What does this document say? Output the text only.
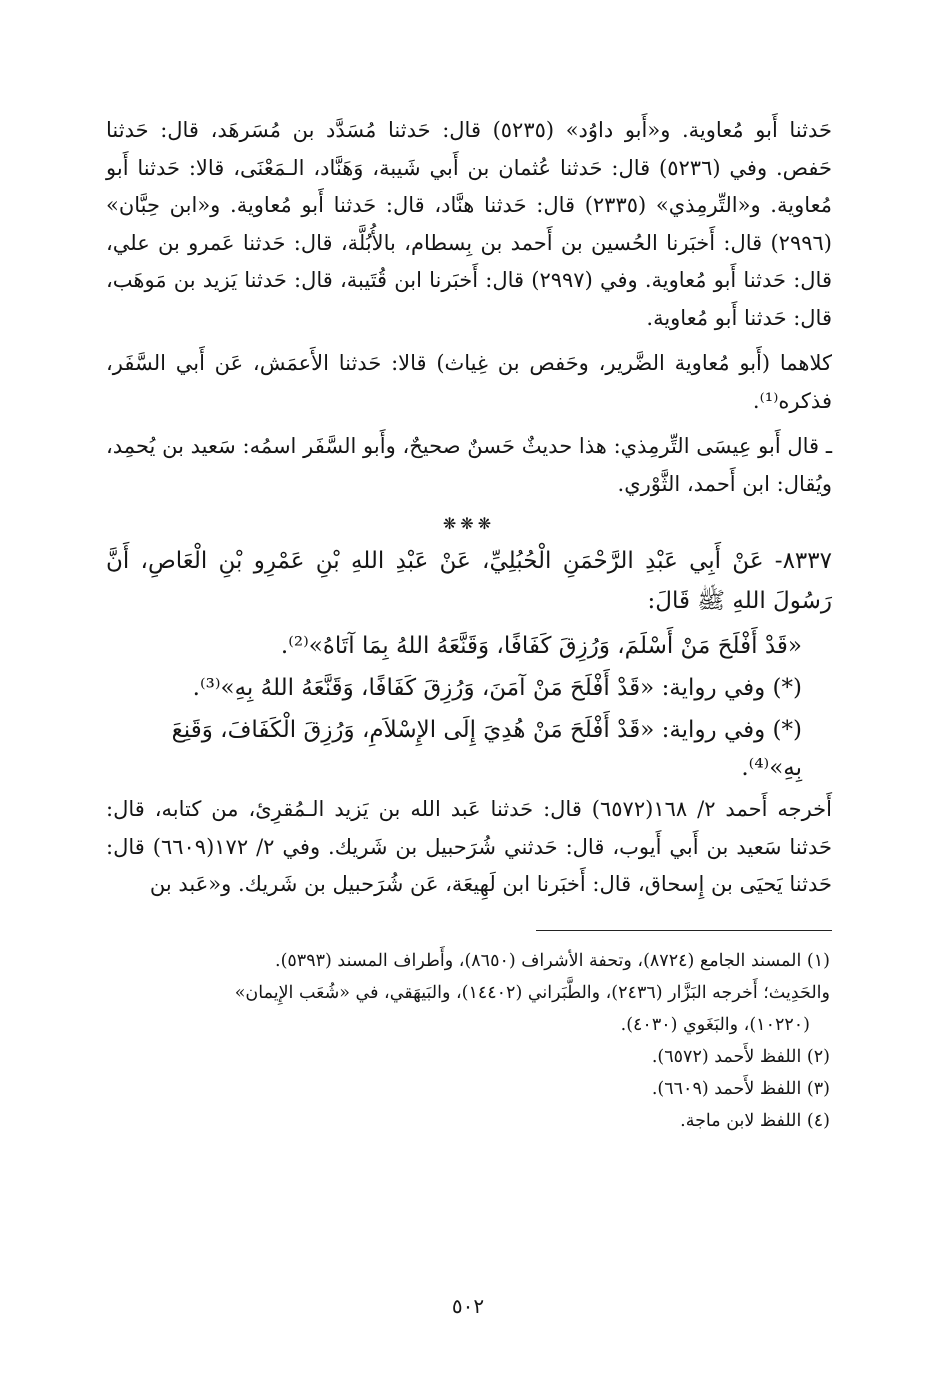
حَدثنا أَبو مُعاوية. و«أَبو داوُد» (٥٢٣٥) قال: حَدثنا مُسَدَّد بن مُسَرهَد، قال: حَدثنا حَفص. وفي (٥٢٣٦) قال: حَدثنا عُثمان بن أَبي شَيبة، وَهَنَّاد، الـمَعْنَى، قالا: حَدثنا أَبو مُعاوية. و«التِّرمِذي» (٢٣٣٥) قال: حَدثنا هنَّاد، قال: حَدثنا أَبو مُعاوية. و«ابن حِبَّان» (٢٩٩٦) قال: أَخبَرنا الحُسين بن أَحمد بن بِسطام، بالأُبُلَّة، قال: حَدثنا عَمرو بن علي، قال: حَدثنا أَبو مُعاوية. وفي (٢٩٩٧) قال: أَخبَرنا ابن قُتَيبة، قال: حَدثنا يَزيد بن مَوهَب، قال: حَدثنا أَبو مُعاوية.

كلاهما (أَبو مُعاوية الضَّرير، وحَفص بن غِياث) قالا: حَدثنا الأَعمَش، عَن أَبي السَّفَر، فذكره⁽¹⁾.

ـ قال أَبو عِيسَى التِّرمِذي: هذا حديثٌ حَسنٌ صحيحٌ، وأَبو السَّفَر اسمُه: سَعيد بن يُحمِد، ويُقال: ابن أَحمد، الثَّوْري.

❋❋❋

٨٣٣٧- عَنْ أَبِي عَبْدِ الرَّحْمَنِ الْحُبُلِيِّ، عَنْ عَبْدِ اللهِ بْنِ عَمْرِو بْنِ الْعَاصِ، أَنَّ رَسُولَ اللهِ ﷺ قَالَ:

«قَدْ أَفْلَحَ مَنْ أَسْلَمَ، وَرُزِقَ كَفَافًا، وَقَنَّعَهُ اللهُ بِمَا آتَاهُ»⁽²⁾.

(*) وفي رواية: «قَدْ أَفْلَحَ مَنْ آمَنَ، وَرُزِقَ كَفَافًا، وَقَنَّعَهُ اللهُ بِهِ»⁽³⁾.

(*) وفي رواية: «قَدْ أَفْلَحَ مَنْ هُدِيَ إِلَى الإِسْلاَمِ، وَرُزِقَ الْكَفَافَ، وَقَنِعَ بِهِ»⁽⁴⁾.

أَخرجه أَحمد ٢/ ١٦٨(٦٥٧٢) قال: حَدثنا عَبد الله بن يَزيد الـمُقرِئ، من كتابه، قال: حَدثنا سَعيد بن أَبي أَيوب، قال: حَدثني شُرَحبيل بن شَريك. وفي ٢/ ١٧٢(٦٦٠٩) قال: حَدثنا يَحيَى بن إِسحاق، قال: أَخبَرنا ابن لَهِيعَة، عَن شُرَحبيل بن شَريك. و«عَبد بن

(١) المسند الجامع (٨٧٢٤)، وتحفة الأشراف (٨٦٥٠)، وأَطراف المسند (٥٣٩٣).

والحَدِيث؛ أَخرجه البَزَّار (٢٤٣٦)، والطَّبَراني (١٤٤٠٢)، والبَيهَقي، في «شُعَب الإِيمان»

(١٠٢٢٠)، والبَغَوي (٤٠٣٠).

(٢) اللفظ لأَحمد (٦٥٧٢).

(٣) اللفظ لأَحمد (٦٦٠٩).

(٤) اللفظ لابن ماجة.

٥٠٢
